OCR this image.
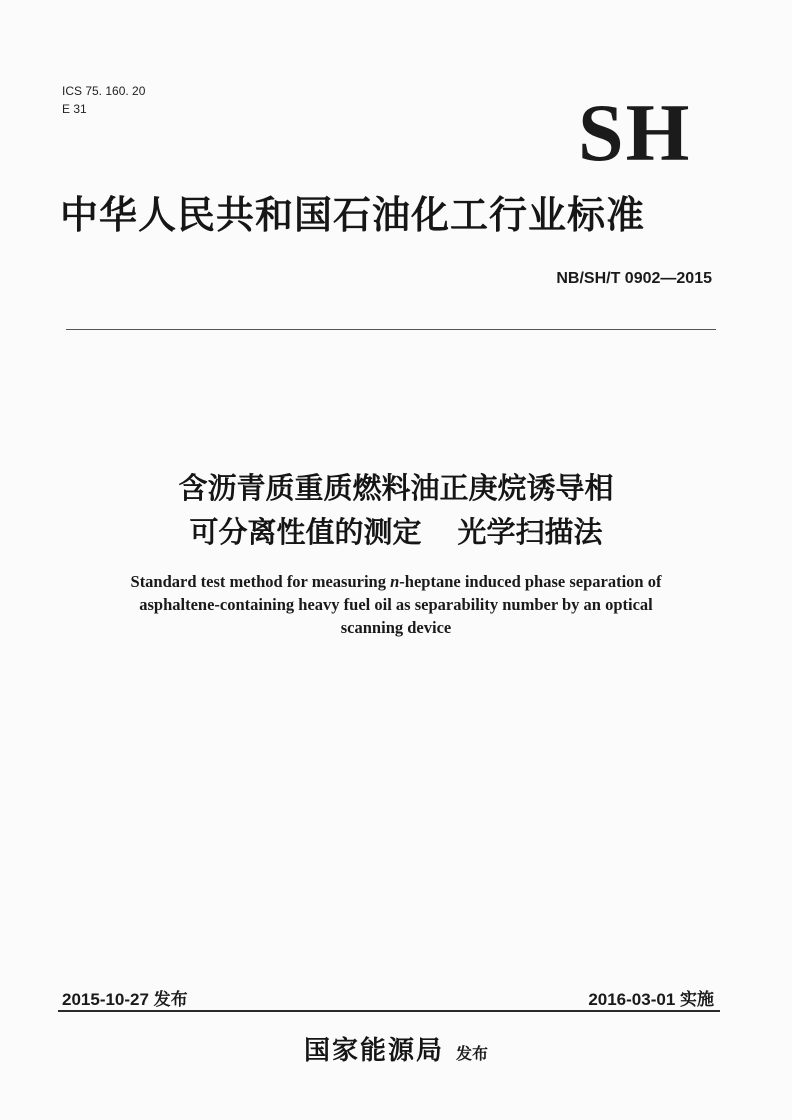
ICS 75. 160. 20
E 31	SH
中华人民共和国石油化工行业标准
NB/SH/T 0902—2015
含沥青质重质燃料油正庚烷诱导相
可分离性值的测定 光学扫描法
Standard test method for measuring n-heptane induced phase separation of
asphaltene-containing heavy fuel oil as separability number by an optical
scanning device
2015-10-27 发布	2016-03-01 实施
国家能源局 发布
